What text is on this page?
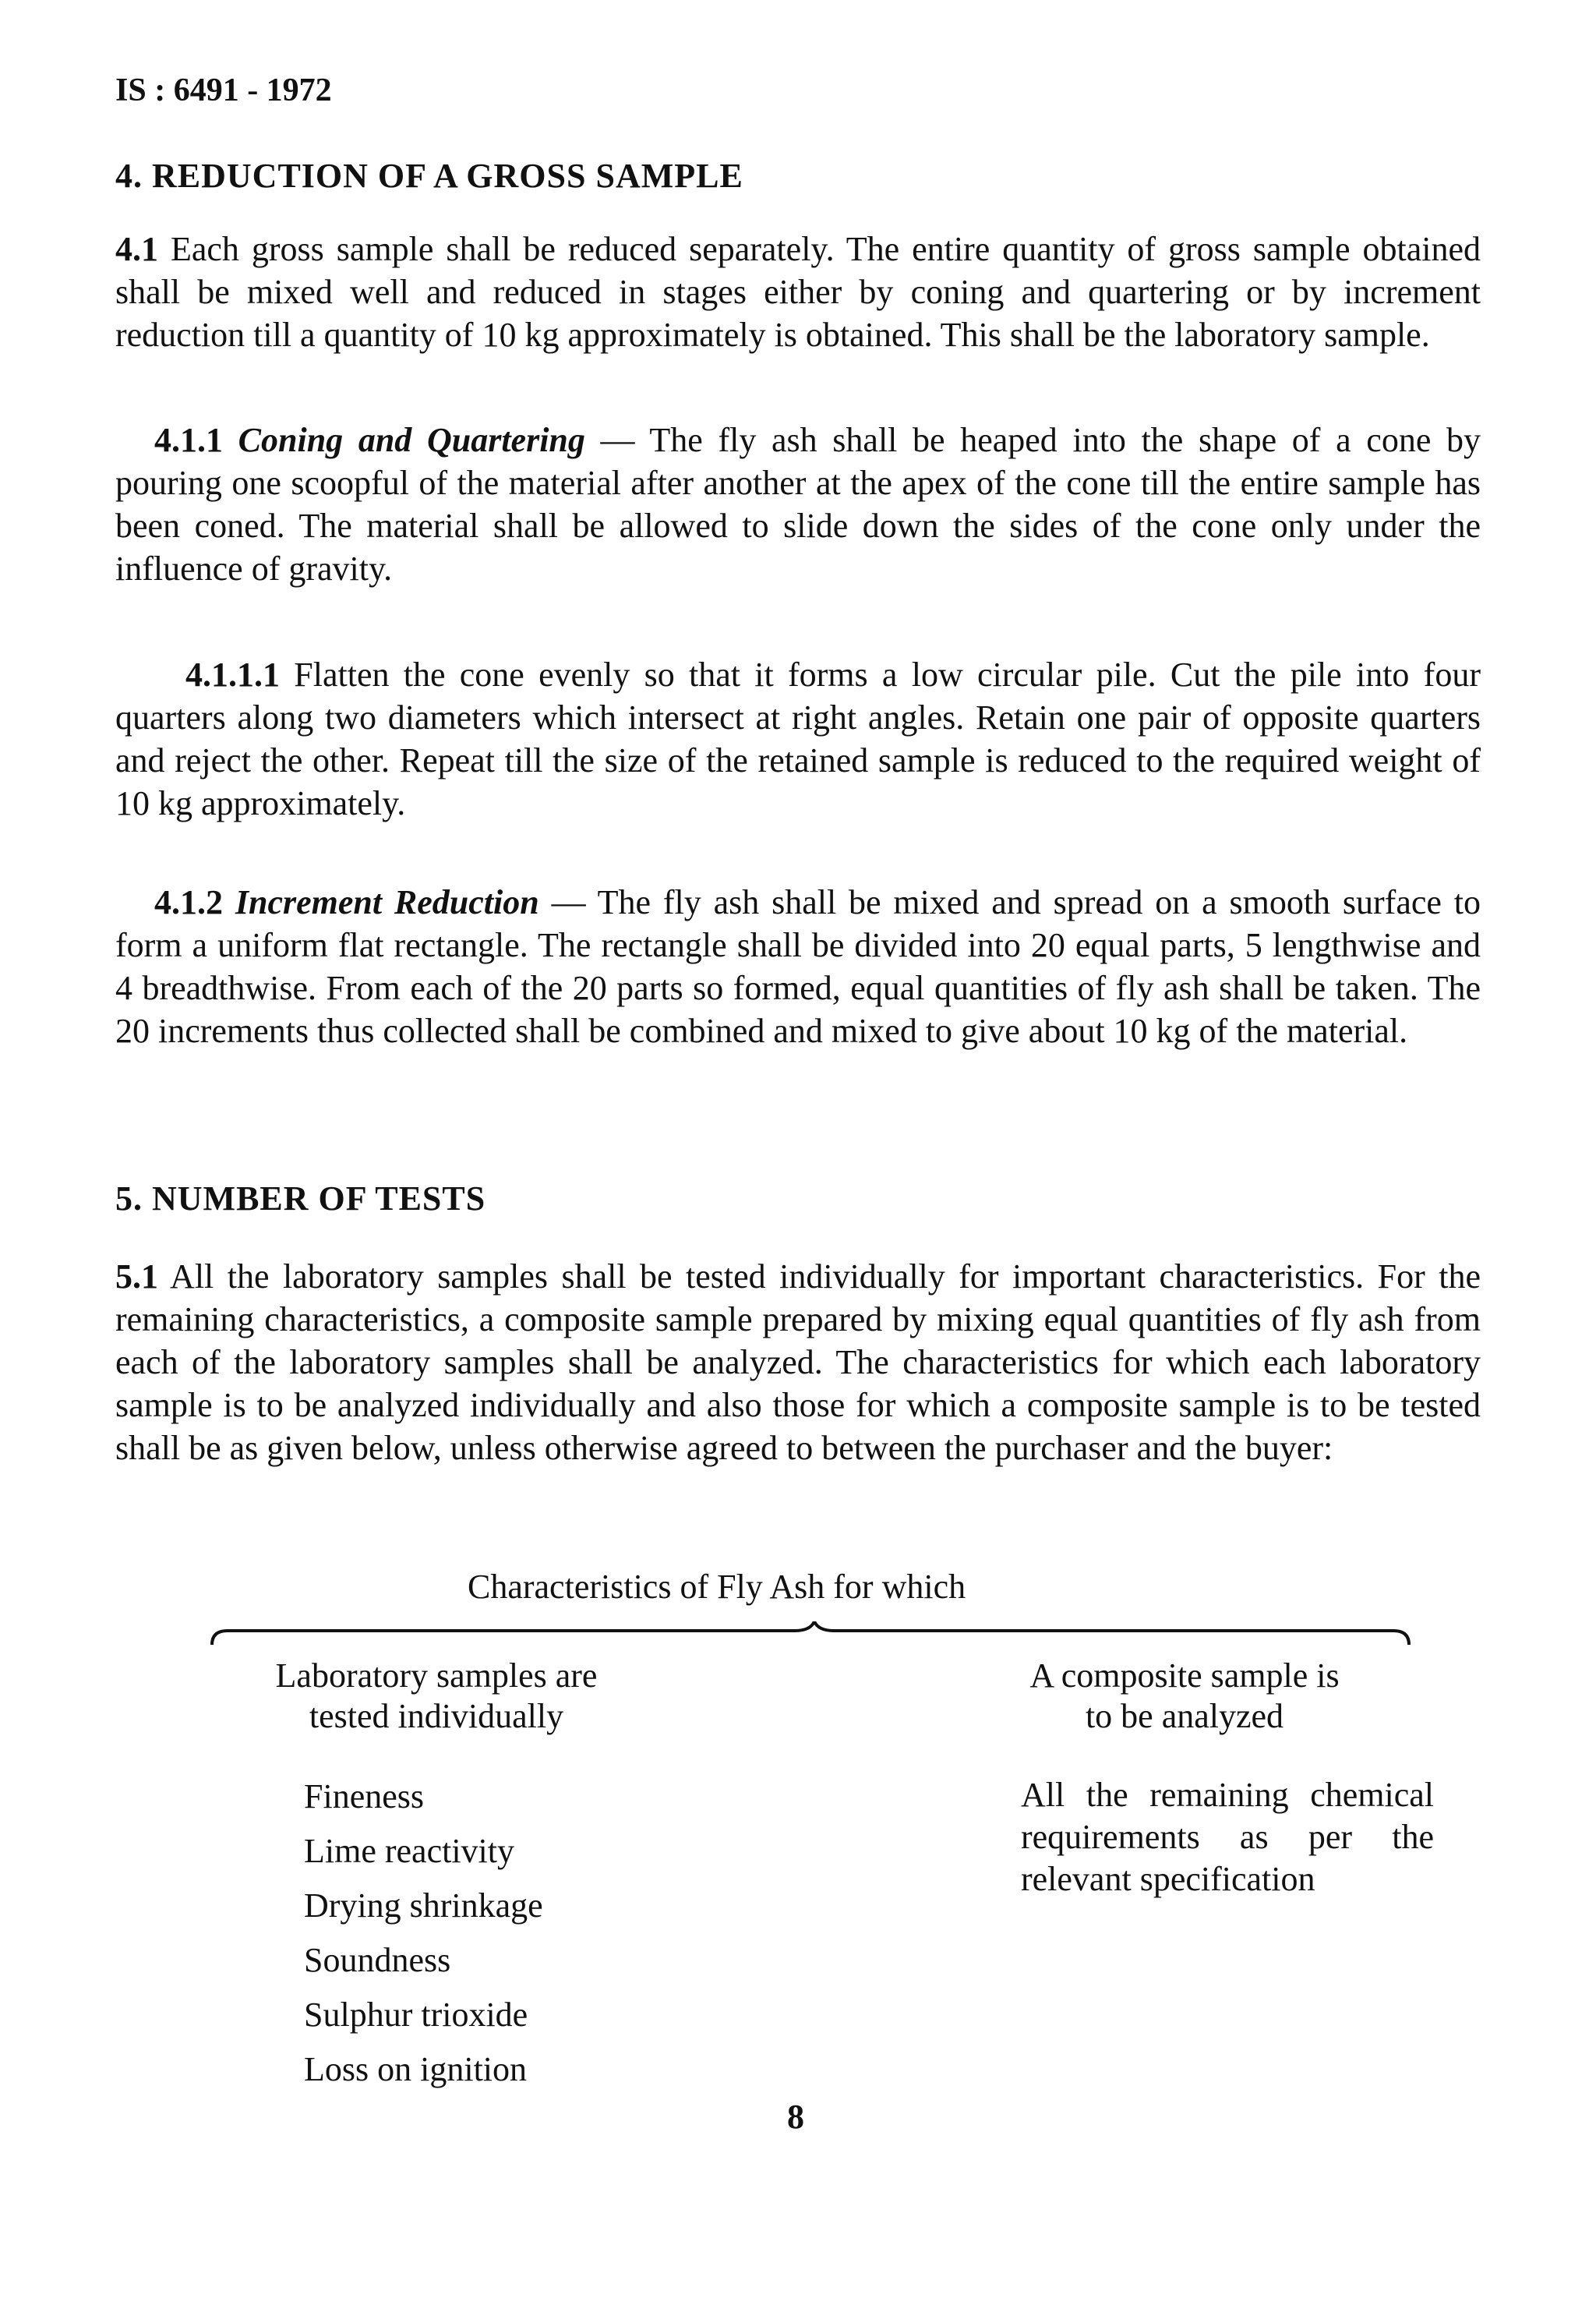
IS : 6491 - 1972
4. REDUCTION OF A GROSS SAMPLE

4.1 Each gross sample shall be reduced separately. The entire quantity of gross sample obtained shall be mixed well and reduced in stages either by coning and quartering or by increment reduction till a quantity of 10 kg approximately is obtained. This shall be the laboratory sample.

4.1.1 Coning and Quartering — The fly ash shall be heaped into the shape of a cone by pouring one scoopful of the material after another at the apex of the cone till the entire sample has been coned. The material shall be allowed to slide down the sides of the cone only under the influence of gravity.

4.1.1.1 Flatten the cone evenly so that it forms a low circular pile. Cut the pile into four quarters along two diameters which intersect at right angles. Retain one pair of opposite quarters and reject the other. Repeat till the size of the retained sample is reduced to the required weight of 10 kg approximately.

4.1.2 Increment Reduction — The fly ash shall be mixed and spread on a smooth surface to form a uniform flat rectangle. The rectangle shall be divided into 20 equal parts, 5 lengthwise and 4 breadthwise. From each of the 20 parts so formed, equal quantities of fly ash shall be taken. The 20 increments thus collected shall be combined and mixed to give about 10 kg of the material.

5. NUMBER OF TESTS

5.1 All the laboratory samples shall be tested individually for important characteristics. For the remaining characteristics, a composite sample prepared by mixing equal quantities of fly ash from each of the laboratory samples shall be analyzed. The characteristics for which each laboratory sample is to be analyzed individually and also those for which a composite sample is to be tested shall be as given below, unless otherwise agreed to between the purchaser and the buyer:

Characteristics of Fly Ash for which
Laboratory samples are
tested individually
A composite sample is
to be analyzed
Fineness
Lime reactivity
Drying shrinkage
Soundness
Sulphur trioxide
Loss on ignition

All the remaining chemical requirements as per the relevant specification

8
